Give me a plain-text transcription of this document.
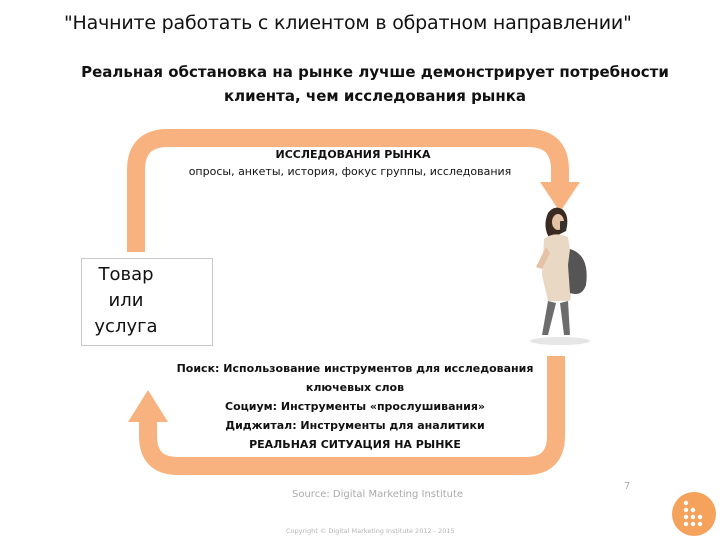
"Начните работать с клиентом в обратном направлении"
Реальная обстановка на рынке лучше демонстрирует потребности клиента, чем исследования рынка
Товар или услуга
ИССЛЕДОВАНИЯ РЫНКА
опросы, анкеты, история, фокус группы, исследования
Поиск: Использование инструментов для исследования ключевых слов
Социум: Инструменты «прослушивания»
Диджитал: Инструменты для аналитики
РЕАЛЬНАЯ СИТУАЦИЯ НА РЫНКЕ
Source: Digital Marketing Institute
7
Copyright © Digital Marketing Institute 2012 - 2015
